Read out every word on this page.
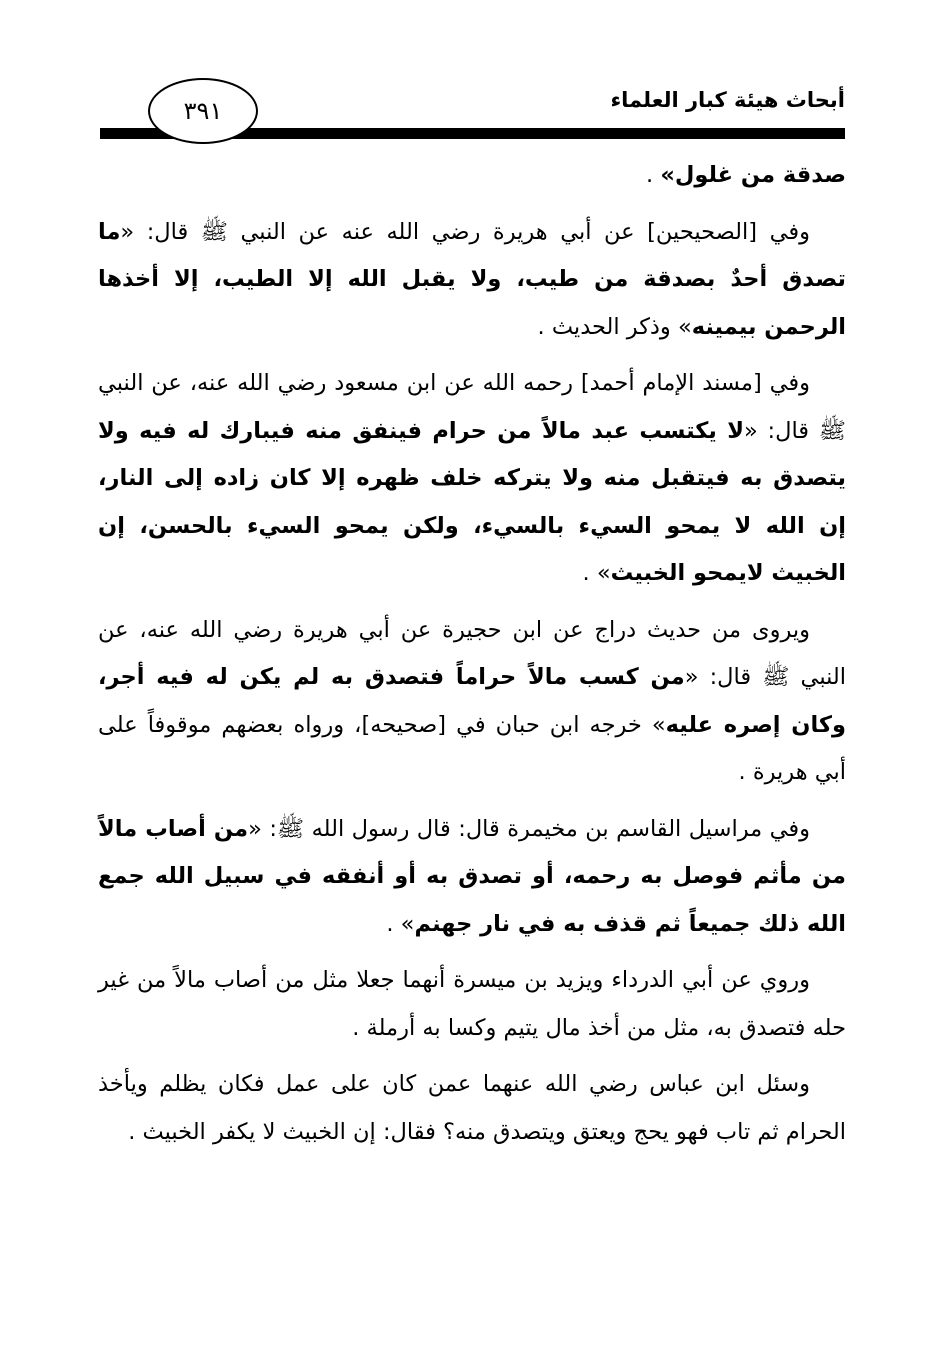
أبحاث هيئة كبار العلماء
٣٩١

صدقة من غلول» .

وفي [الصحيحين] عن أبي هريرة رضي الله عنه عن النبي ﷺ قال: «ما تصدق أحدٌ بصدقة من طيب، ولا يقبل الله إلا الطيب، إلا أخذها الرحمن بيمينه» وذكر الحديث .

وفي [مسند الإمام أحمد] رحمه الله عن ابن مسعود رضي الله عنه، عن النبي ﷺ قال: «لا يكتسب عبد مالاً من حرام فينفق منه فيبارك له فيه ولا يتصدق به فيتقبل منه ولا يتركه خلف ظهره إلا كان زاده إلى النار، إن الله لا يمحو السيء بالسيء، ولكن يمحو السيء بالحسن، إن الخبيث لايمحو الخبيث» .

ويروى من حديث دراج عن ابن حجيرة عن أبي هريرة رضي الله عنه، عن النبي ﷺ قال: «من كسب مالاً حراماً فتصدق به لم يكن له فيه أجر، وكان إصره عليه» خرجه ابن حبان في [صحيحه]، ورواه بعضهم موقوفاً على أبي هريرة .

وفي مراسيل القاسم بن مخيمرة قال: قال رسول الله ﷺ: «من أصاب مالاً من مأثم فوصل به رحمه، أو تصدق به أو أنفقه في سبيل الله جمع الله ذلك جميعاً ثم قذف به في نار جهنم» .

وروي عن أبي الدرداء ويزيد بن ميسرة أنهما جعلا مثل من أصاب مالاً من غير حله فتصدق به، مثل من أخذ مال يتيم وكسا به أرملة .

وسئل ابن عباس رضي الله عنهما عمن كان على عمل فكان يظلم ويأخذ الحرام ثم تاب فهو يحج ويعتق ويتصدق منه؟ فقال: إن الخبيث لا يكفر الخبيث .
